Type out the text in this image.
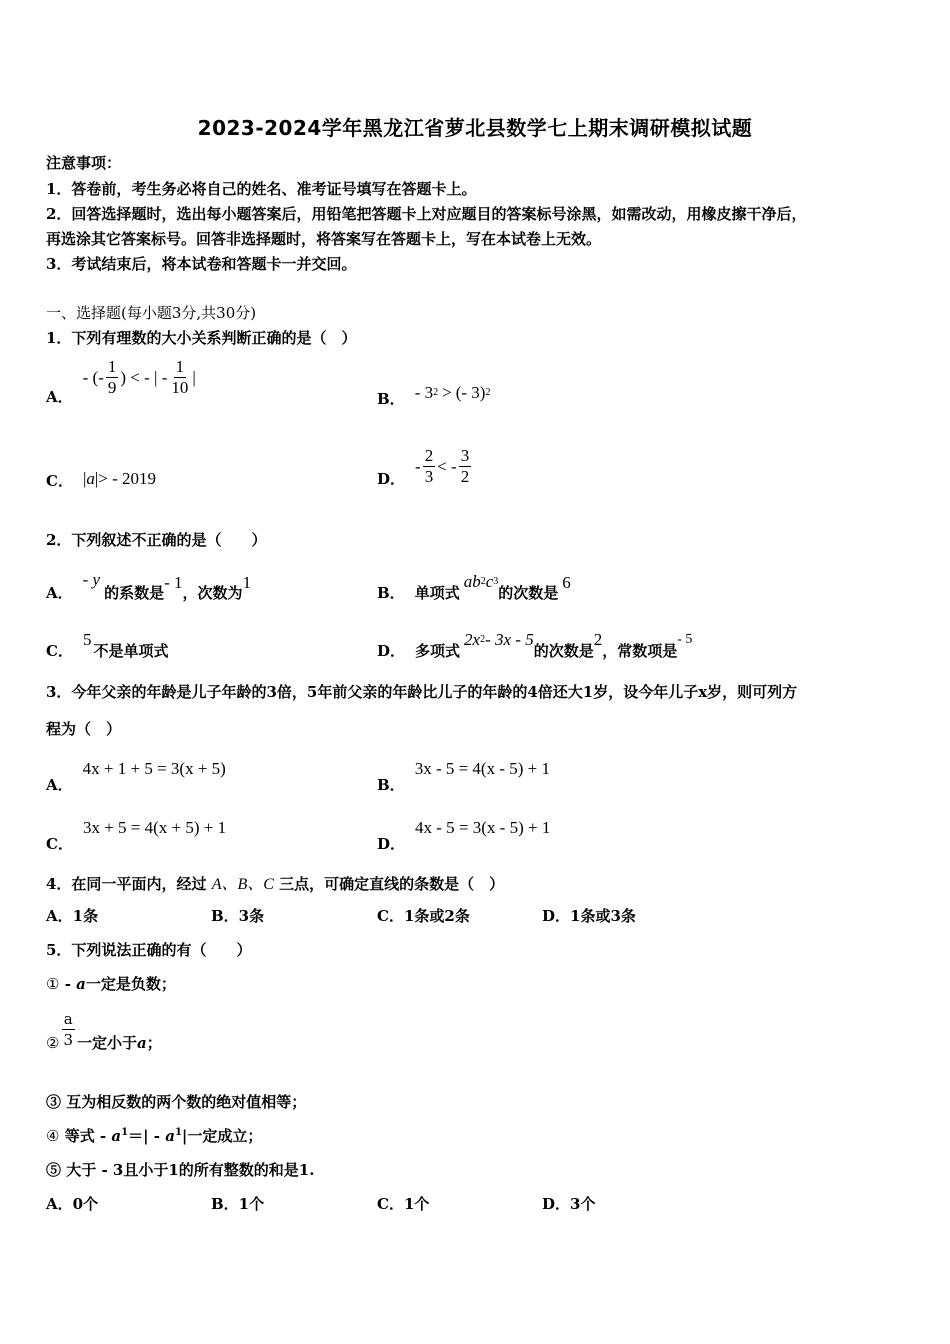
2023-2024学年黑龙江省萝北县数学七上期末调研模拟试题
注意事项：
1．答卷前，考生务必将自己的姓名、准考证号填写在答题卡上。
2．回答选择题时，选出每小题答案后，用铅笔把答题卡上对应题目的答案标号涂黑，如需改动，用橡皮擦干净后，
再选涂其它答案标号。回答非选择题时，将答案写在答题卡上，写在本试卷上无效。
3．考试结束后，将本试卷和答题卡一并交回。
一、选择题(每小题3分,共30分)
1．下列有理数的大小关系判断正确的是（　）
A．
- (- $\frac{1}{9}$ ) < - | - $\frac{1}{10}$ |
B． - 3 2 > (- 3) 2
C． | a |> - 2019	D．
- $\frac{2}{3}$ < - $\frac{3}{2}$
2．下列叙述不正确的是（　　）
A．
- y
的系数是
- 1
，次数为
1
B． 单项式
ab 2 c 3
的次数是
6
C．
5
不是单项式	D． 多项式
2x 2 - 3x - 5
的次数是
2
，常数项是
- 5
3．今年父亲的年龄是儿子年龄的3倍，5年前父亲的年龄比儿子的年龄的4倍还大1岁，设今年儿子x岁，则可列方
程为（　）
A．
4x + 1 + 5 = 3(x + 5)
B．
3x - 5 = 4(x - 5) + 1
C．
3x + 5 = 4(x + 5) + 1
D．
4x - 5 = 3(x - 5) + 1
4．在同一平面内，经过 A、B、C 三点，可确定直线的条数是（　）
A．1条	B．3条	C．1条或2条	D．1条或3条
5．下列说法正确的有（　　）
① - a一定是负数；
② $\frac{a}{3}$ 一定小于 a ；
③ 互为相反数的两个数的绝对值相等；
④ 等式 - $a^1=| - a^1|$一定成立；
⑤ 大于 - 3且小于1的所有整数的和是1.
A．0个	B．1个	C．1个	D．3个
